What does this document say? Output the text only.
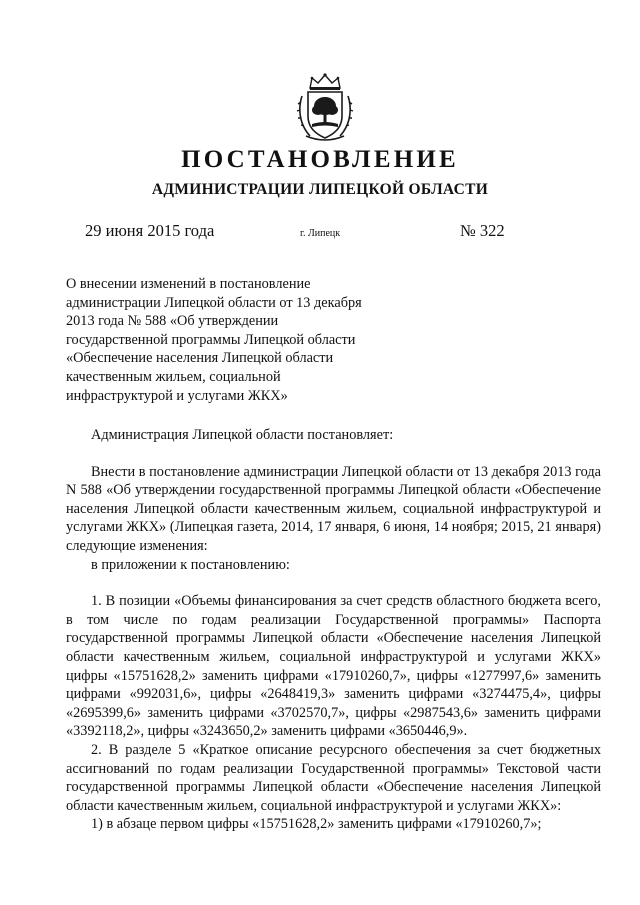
ПОСТАНОВЛЕНИЕ
АДМИНИСТРАЦИИ ЛИПЕЦКОЙ ОБЛАСТИ
29 июня 2015 года	г. Липецк	№ 322
О внесении изменений в постановление администрации Липецкой области от 13 декабря 2013 года № 588 «Об утверждении государственной программы Липецкой области «Обеспечение населения Липецкой области качественным жильем, социальной инфраструктурой и услугами ЖКХ»

Администрация Липецкой области постановляет:

Внести в постановление администрации Липецкой области от 13 декабря 2013 года N 588 «Об утверждении государственной программы Липецкой области «Обеспечение населения Липецкой области качественным жильем, социальной инфраструктурой и услугами ЖКХ» (Липецкая газета, 2014, 17 января, 6 июня, 14 ноября; 2015, 21 января) следующие изменения:

в приложении к постановлению:

1. В позиции «Объемы финансирования за счет средств областного бюджета всего, в том числе по годам реализации Государственной программы» Паспорта государственной программы Липецкой области «Обеспечение населения Липецкой области качественным жильем, социальной инфраструктурой и услугами ЖКХ» цифры «15751628,2» заменить цифрами «17910260,7», цифры «1277997,6» заменить цифрами «992031,6», цифры «2648419,3» заменить цифрами «3274475,4», цифры «2695399,6» заменить цифрами «3702570,7», цифры «2987543,6» заменить цифрами «3392118,2», цифры «3243650,2» заменить цифрами «3650446,9».

2. В разделе 5 «Краткое описание ресурсного обеспечения за счет бюджетных ассигнований по годам реализации Государственной программы» Текстовой части государственной программы Липецкой области «Обеспечение населения Липецкой области качественным жильем, социальной инфраструктурой и услугами ЖКХ»:

1) в абзаце первом цифры «15751628,2» заменить цифрами «17910260,7»;
